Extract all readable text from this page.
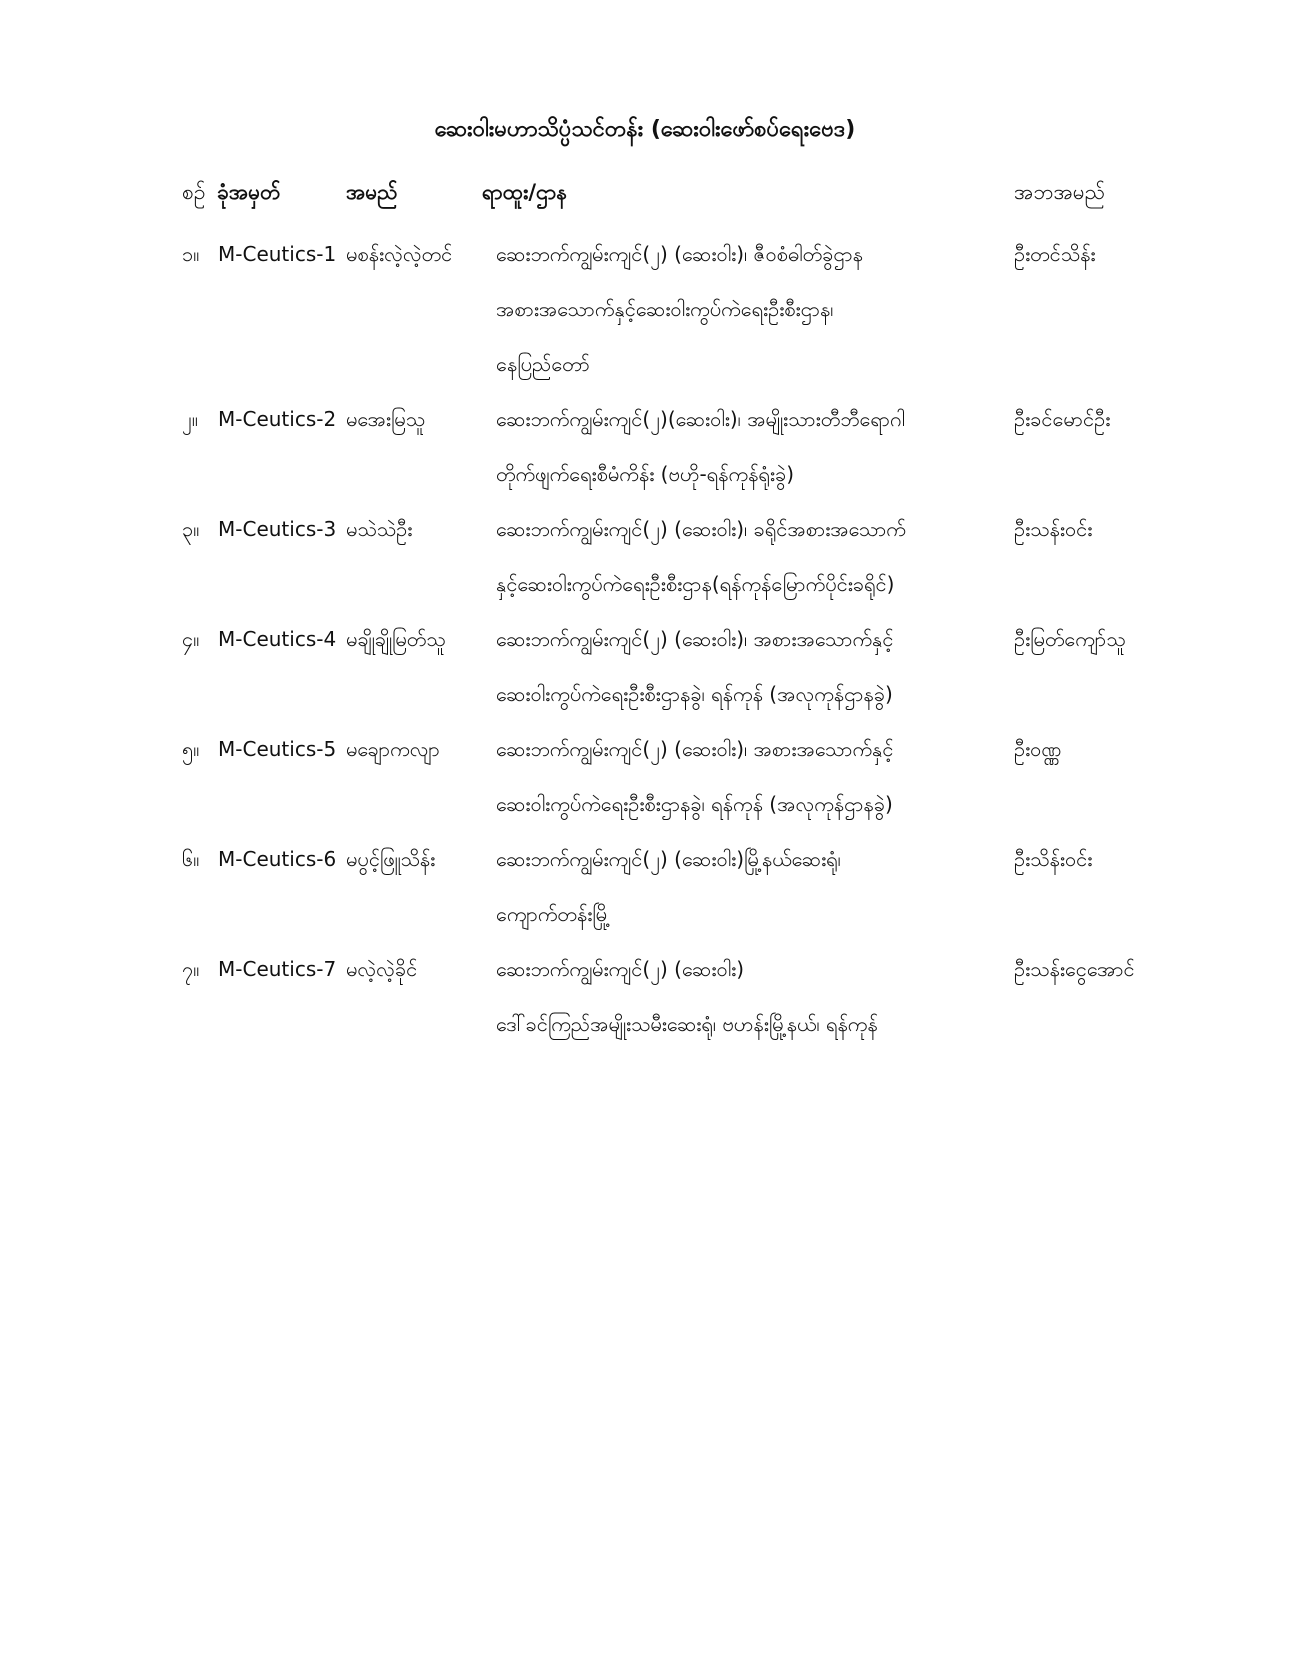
ဆေးဝါးမဟာသိပ္ပံသင်တန်း (ဆေးဝါးဖော်စပ်ရေးဗေဒ)
စဉ် ခုံအမှတ်	အမည်	ရာထူး/ဌာန	အဘအမည်
၁။ M-Ceutics-1 မစန်းလဲ့လဲ့တင် ဆေးဘက်ကျွမ်းကျင်(၂) (ဆေးဝါး)၊ ဇီဝစံဓါတ်ခွဲဌာန
အစားအသောက်နှင့်ဆေးဝါးကွပ်ကဲရေးဦးစီးဌာန၊
နေပြည်တော်
ဦးတင်သိန်း
၂။ M-Ceutics-2 မအေးမြသူ	ဆေးဘက်ကျွမ်းကျင်(၂)(ဆေးဝါး)၊ အမျိုးသားတီဘီရောဂါ
တိုက်ဖျက်ရေးစီမံကိန်း (ဗဟို-ရန်ကုန်ရုံးခွဲ)
ဦးခင်မောင်ဦး
၃။ M-Ceutics-3 မသဲသဲဦး	ဆေးဘက်ကျွမ်းကျင်(၂) (ဆေးဝါး)၊ ခရိုင်အစားအသောက်
နှင့်ဆေးဝါးကွပ်ကဲရေးဦးစီးဌာန(ရန်ကုန်မြောက်ပိုင်းခရိုင်)
ဦးသန်းဝင်း
၄။ M-Ceutics-4 မချိုချိုမြတ်သူ	ဆေးဘက်ကျွမ်းကျင်(၂) (ဆေးဝါး)၊ အစားအသောက်နှင့်
ဆေးဝါးကွပ်ကဲရေးဦးစီးဌာနခွဲ၊ ရန်ကုန် (အလုကုန်ဌာနခွဲ)
ဦးမြတ်ကျော်သူ
၅။ M-Ceutics-5 မချောကလျာ	ဆေးဘက်ကျွမ်းကျင်(၂) (ဆေးဝါး)၊ အစားအသောက်နှင့်
ဆေးဝါးကွပ်ကဲရေးဦးစီးဌာနခွဲ၊ ရန်ကုန် (အလုကုန်ဌာနခွဲ)
ဦးဝဏ္ဏ
၆။ M-Ceutics-6 မပွင့်ဖြူသိန်း	ဆေးဘက်ကျွမ်းကျင်(၂) (ဆေးဝါး)မြို့နယ်ဆေးရုံ၊
ကျောက်တန်းမြို့
ဦးသိန်းဝင်း
၇။ M-Ceutics-7 မလဲ့လဲ့ခိုင်	ဆေးဘက်ကျွမ်းကျင်(၂) (ဆေးဝါး)
ဒေါ်ခင်ကြည်အမျိုးသမီးဆေးရုံ၊ ဗဟန်းမြို့နယ်၊ ရန်ကုန်
ဦးသန်းငွေအောင်
